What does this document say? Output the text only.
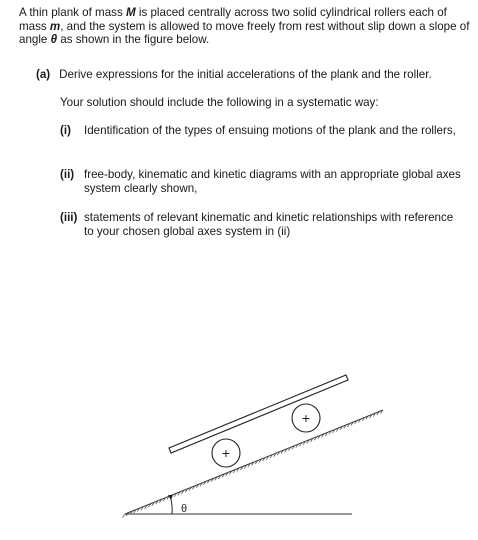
A thin plank of mass M is placed centrally across two solid cylindrical rollers each of mass m, and the system is allowed to move freely from rest without slip down a slope of angle θ as shown in the figure below.
(a) Derive expressions for the initial accelerations of the plank and the roller.
Your solution should include the following in a systematic way:
(i) Identification of the types of ensuing motions of the plank and the rollers,
(ii) free-body, kinematic and kinetic diagrams with an appropriate global axes system clearly shown,
(iii) statements of relevant kinematic and kinetic relationships with reference to your chosen global axes system in (ii)
+
+
θ
